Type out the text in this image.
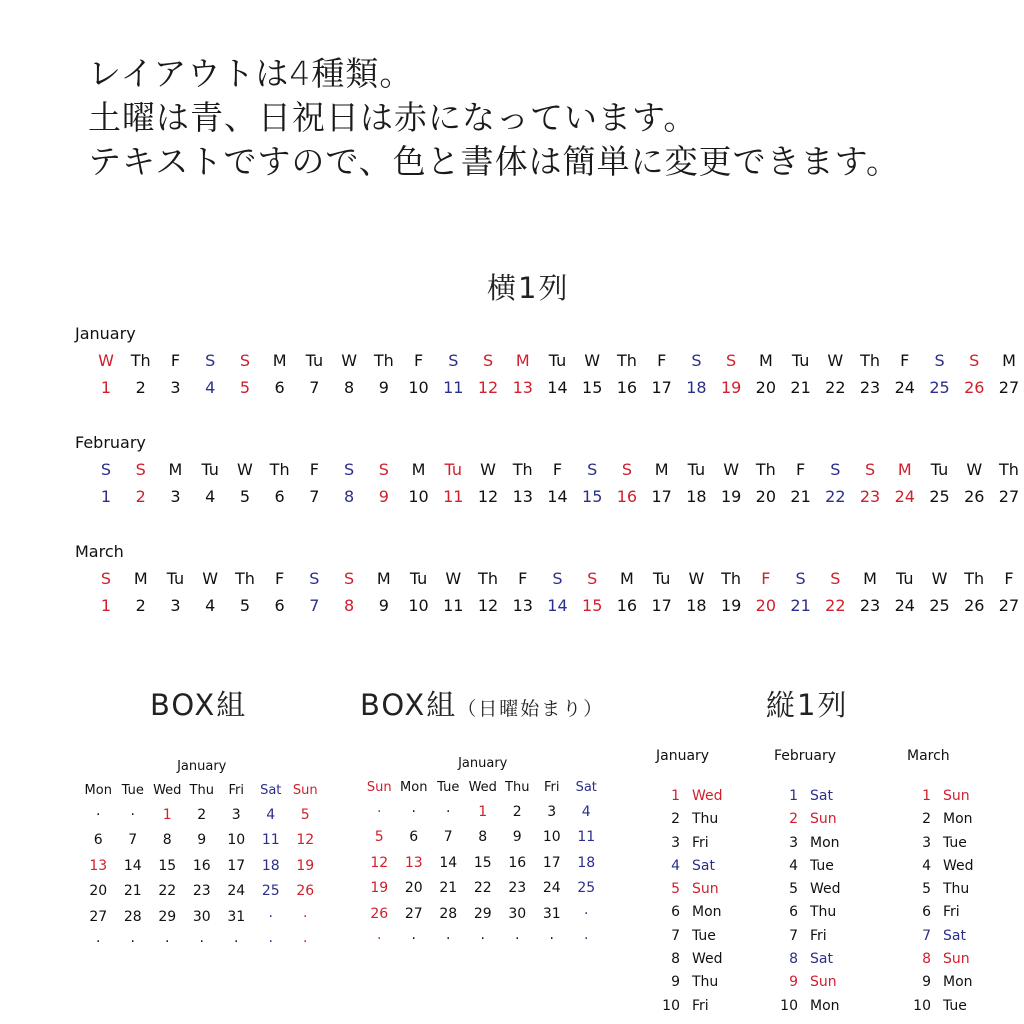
レイアウトは4種類。
土曜は青、日祝日は赤になっています。
テキストですので、色と書体は簡単に変更できます。
横1列
January
W	Th	F	S	S	M	Tu	W	Th	F	S	S	M	Tu	W	Th	F	S	S	M	Tu	W	Th	F	S	S	M
1	2	3	4	5	6	7	8	9	10 11 12 13 14 15 16 17 18 19 20 21 22 23 24 25 26 27
February
S	S	M	Tu	W	Th	F	S	S	M	Tu	W	Th	F	S	S	M	Tu	W	Th	F	S	S	M	Tu	W	Th
1	2	3	4	5	6	7	8	9	10 11 12 13 14 15 16 17 18 19 20 21 22 23 24 25 26 27
March
S	M	Tu	W	Th	F	S	S	M	Tu	W	Th	F	S	S	M	Tu	W	Th	F	S	S	M	Tu	W	Th	F
1	2	3	4	5	6	7	8	9	10 11 12 13 14 15 16 17 18 19 20 21 22 23 24 25 26 27
BOX組
January
Mon	Tue	Wed	Thu	Fri	Sat	Sun
·	·	1	2	3	4	5
6	7	8	9	10	11	12
13	14	15	16	17	18	19
20	21	22	23	24	25	26
27	28	29	30	31	·	·
·	·	·	·	·	·	·
BOX組（日曜始まり）
January
Sun	Mon	Tue	Wed	Thu	Fri	Sat
·	·	·	1	2	3	4
5	6	7	8	9	10	11
12	13	14	15	16	17	18
19	20	21	22	23	24	25
26	27	28	29	30	31	·
·	·	·	·	·	·	·
縦1列
January
1 Wed
2 Thu
3 Fri
4 Sat
5 Sun
6 Mon
7 Tue
8 Wed
9 Thu
10 Fri
February
1 Sat
2 Sun
3 Mon
4 Tue
5 Wed
6 Thu
7 Fri
8 Sat
9 Sun
10 Mon
March
1 Sun
2 Mon
3 Tue
4 Wed
5 Thu
6 Fri
7 Sat
8 Sun
9 Mon
10 Tue
